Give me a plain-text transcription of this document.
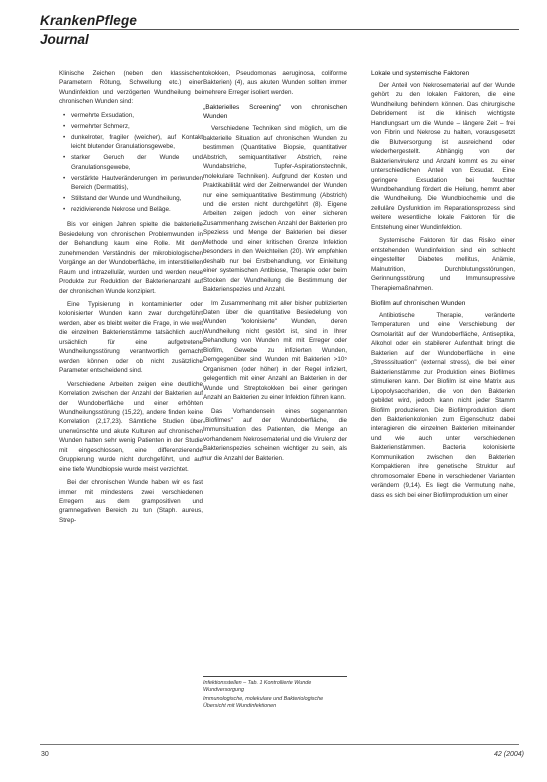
KrankenPflege
Journal

Klinische Zeichen (neben den klassischen Parametern Rötung, Schwellung etc.) einer Wundinfektion und verzögerten Wundheilung bei chronischen Wunden sind:

• vermehrte Exsudation,
• vermehrter Schmerz,
• dunkelroter, fragiler (weicher), auf Kontakt leicht blutender Granulationsgewebe,
• starker Geruch der Wunde und Granulationsgewebe,
• verstärkte Hautveränderungen im periwunden Bereich (Dermatitis),
• Stillstand der Wunde und Wundheilung,
• rezidivierende Nekrose und Beläge.

Bis vor einigen Jahren spielte die bakterielle Besiedelung von chronischen Problemwunden in der Behandlung kaum eine Rolle. Mit dem zunehmenden Verständnis der mikrobiologischen Vorgänge an der Wundoberfläche, im interstitiellen Raum und intrazellulär, wurden und werden neue Produkte zur Reduktion der Bakterienanzahl auf der chronischen Wunde konzipiert.

Eine Typisierung in kontaminierter oder kolonisierter Wunden kann zwar durchgeführt werden, aber es bleibt weiter die Frage, in wie weit die einzelnen Bakterienstämme tatsächlich auch ursächlich für eine aufgetretene Wundheilungsstörung verantwortlich gemacht werden können oder ob nicht zusätzliche Parameter entscheidend sind.

Verschiedene Arbeiten zeigen eine deutliche Korrelation zwischen der Anzahl der Bakterien auf der Wundoberfläche und einer erhöhten Wundheilungsstörung (15,22), andere finden keine Korrelation (2,17,23). Sämtliche Studien über unerwünschte und akute Kulturen auf chronischen Wunden hatten sehr wenig Patienten in der Studie mit eingeschlossen, eine differenzierende Gruppierung wurde nicht durchgeführt, und auf eine tiefe Wundbiopsie wurde meist verzichtet.

Bei der chronischen Wunde haben wir es fast immer mit mindestens zwei verschiedenen Erregern aus dem grampositiven und gramnegativen Bereich zu tun (Staph. aureus, Strep-

tokokken, Pseudomonas aeruginosa, coliforme Bakterien) (4), aus akuten Wunden sollten immer mehrere Erreger isoliert werden.

„Bakterielles Screening" von chronischen Wunden

Verschiedene Techniken sind möglich, um die bakterielle Situation auf chronischen Wunden zu bestimmen (Quantitative Biopsie, quantitativer Abstrich, semiquantitativer Abstrich, reine Wundabstriche, Tupfer-Aspirationstechnik, molekulare Techniken). Aufgrund der Kosten und Praktikabilität wird der Zeitnerwandel der Wunden nur eine semiquantitative Bestimmung (Abstrich) und die ersten nicht durchgeführt (8). Eigene Arbeiten zeigen jedoch von einer sicheren Zusammenhang zwischen Anzahl der Bakterien pro Speziess und Menge der Bakterien bei dieser Methode und einer kritischen Grenze Infektion besonders in den Weichteilen (20). Wir empfehlen deshalb nur bei Erstbehandlung, vor Einleitung einer systemischen Antibiose, Therapie oder beim Stocken der Wundheilung die Bestimmung der Bakterienspezies und Anzahl.

Im Zusammenhang mit aller bisher publizierten Daten über die quantitative Besiedelung von Wunden "kolonisierte" Wunden, deren Wundheilung nicht gestört ist, sind in Ihrer Behandlung von Wunden mit mit Erreger oder Biofilm, Gewebe zu infizierten Wunden, Demgegenüber sind Wunden mit Bakterien >10⁵ Organismen (oder höher) in der Regel infiziert, gelegentlich mit einer Anzahl an Bakterien in der Wunde und Streptokokken bei einer geringen Anzahl an Bakterien zu einer Infektion führen kann.

Das Vorhandensein eines sogenannten „Biofilmes" auf der Wundoberfläche, die Immunsituation des Patienten, die Menge an vorhandenem Nekrosematerial und die Virulenz der Bakterienspezies scheinen wichtiger zu sein, als nur die Anzahl der Bakterien.

Infektionsstellen – Tab. 1 Kontrollierte Wunde Wundversorgung
Immunologische, molekulare und Bakteriologische
Übersicht mit Wundinfektionen
Lokale und systemische Faktoren

Der Anteil von Nekrosematerial auf der Wunde gehört zu den lokalen Faktoren, die eine Wundheilung behindern können. Das chirurgische Debridement ist die klinisch wichtigste Handlungsart um die Wunde – längere Zeit – frei von Fibrin und Nekrose zu halten, vorausgesetzt die Blutversorgung ist ausreichend oder wiederhergestellt. Abhängig von der Bakterienvirulenz und Anzahl kommt es zu einer unterschiedlichen Anteil von Exsudat. Eine geringere Exsudation bei feuchter Wundbehandlung fördert die Heilung, hemmt aber die Wundheilung. Die Wundbiochemie und die zelluläre Dysfunktion im Reparationsprozess sind weitere wesentliche lokale Faktoren für die Entstehung einer Wundinfektion.

Systemische Faktoren für das Risiko einer entstehenden Wundinfektion sind ein schlecht eingestellter Diabetes mellitus, Anämie, Malnutrition, Durchblutungsstörungen, Gerinnungsstörung und Immunsupressive Therapiemaßnahmen.

Biofilm auf chronischen Wunden

Antibiotische Therapie, veränderte Temperaturen und eine Verschiebung der Osmolarität auf der Wundoberfläche, Antiseptika, Alkohol oder ein stabilerer Aufenthalt bringt die Bakterien auf der Wundoberfläche in eine „Stresssituation" (external stress), die bei einer Bakterienstämme zur Produktion eines Biofilmes stimulieren kann. Der Biofilm ist eine Matrix aus Lipopolysacchariden, die von den Bakterien gebildet wird, jedoch kann nicht jeder Stamm Biofilm produzieren. Die Biofilmproduktion dient den Bakterienkolonien zum Eigenschutz dabei interagieren die einzelnen Bakterien miteinander und wie auch unter verschiedenen Bakterienstämmen. Bacteria kolonisierte Kommunikation zwischen den Bakterien Kompaktieren ihre genetische Struktur auf chromosomaler Ebene in verschiedener Varianten verändern (9,14). Es liegt die Vermutung nahe, dass es sich bei einer Biofilmproduktion um einer

30	42 (2004)
